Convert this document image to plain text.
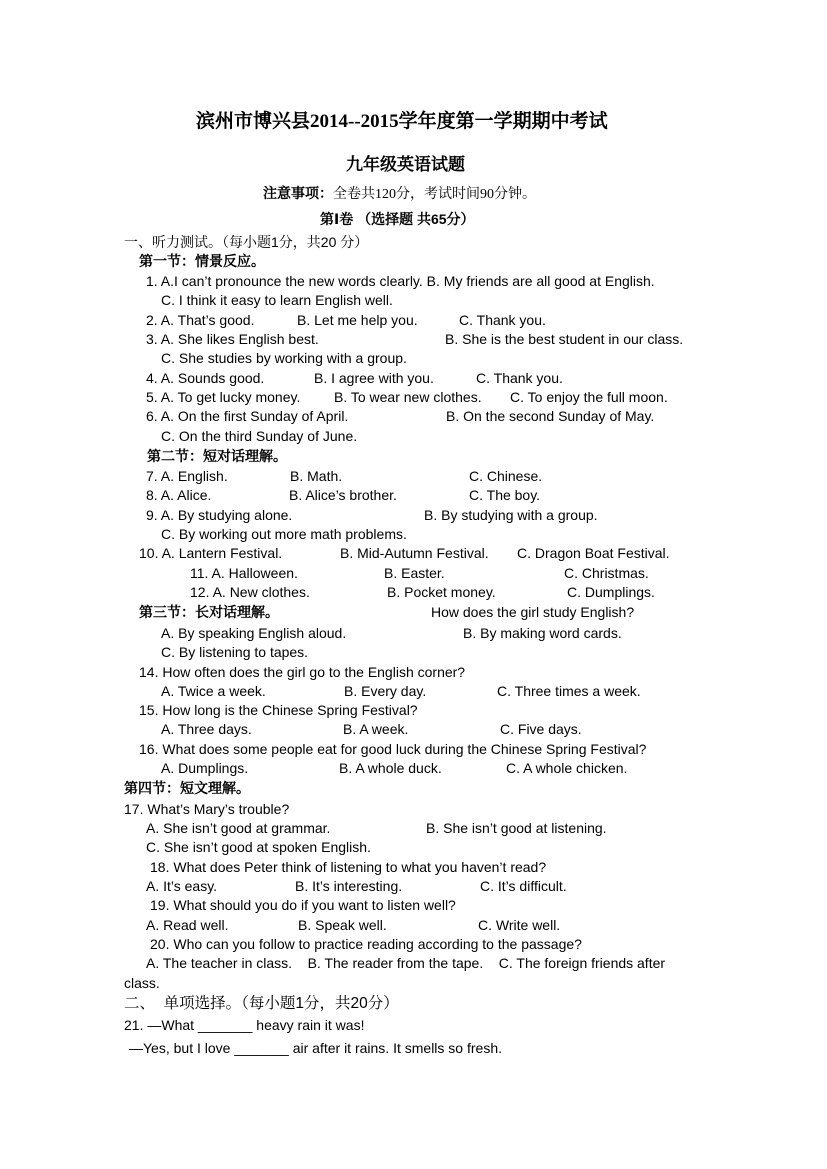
滨州市博兴县2014--2015学年度第一学期期中考试
九年级英语试题
注意事项：全卷共120分，考试时间90分钟。
第Ⅰ卷 （选择题 共65分）
一、听力测试。（每小题1分，共20 分）
第一节：情景反应。
1. A.I can’t pronounce the new words clearly. B. My friends are all good at English.
C. I think it easy to learn English well.
2. A. That’s good.	B. Let me help you.	C. Thank you.
3. A. She likes English best.	B. She is the best student in our class.
C. She studies by working with a group.
4. A. Sounds good.	B. I agree with you.	C. Thank you.
5. A. To get lucky money. B. To wear new clothes. C. To enjoy the full moon.
6. A. On the first Sunday of April.	B. On the second Sunday of May.
C. On the third Sunday of June.
第二节：短对话理解。
7. A. English.	B. Math.	C. Chinese.
8. A. Alice.	B. Alice’s brother.	C. The boy.
9. A. By studying alone.	B. By studying with a group.
C. By working out more math problems.
10. A. Lantern Festival.	B. Mid-Autumn Festival. C. Dragon Boat Festival.
11. A. Halloween.	B. Easter.	C. Christmas.
12. A. New clothes.	B. Pocket money.	C. Dumplings.
第三节：长对话理解。	How does the girl study English?
A. By speaking English aloud.	B. By making word cards.
C. By listening to tapes.
14. How often does the girl go to the English corner?
A. Twice a week.	B. Every day.	C. Three times a week.
15. How long is the Chinese Spring Festival?
A. Three days.	B. A week.	C. Five days.
16. What does some people eat for good luck during the Chinese Spring Festival?
A. Dumplings.	B. A whole duck.	C. A whole chicken.
第四节：短文理解。
17. What’s Mary’s trouble?
A. She isn’t good at grammar.	B. She isn’t good at listening.
C. She isn’t good at spoken English.
18. What does Peter think of listening to what you haven’t read?
A. It’s easy.	B. It’s interesting.	C. It’s difficult.
19. What should you do if you want to listen well?
A. Read well.	B. Speak well.	C. Write well.
20. Who can you follow to practice reading according to the passage?
A. The teacher in class.    B. The reader from the tape.    C. The foreign friends after
class.
二、  单项选择。（每小题1分，共20分）
21. —What _______ heavy rain it was!
—Yes, but I love _______ air after it rains. It smells so fresh.
